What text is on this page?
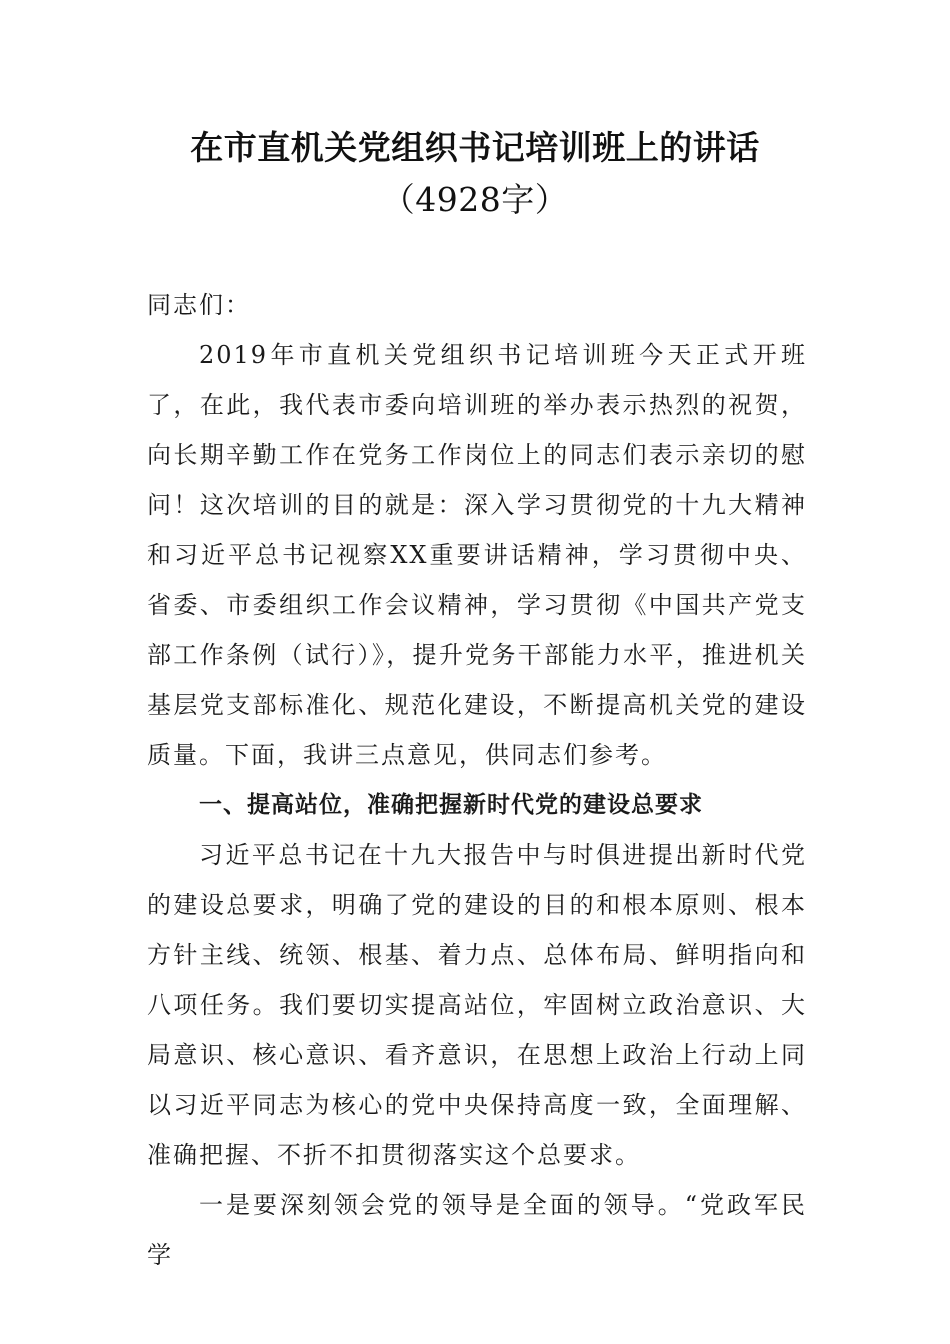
在市直机关党组织书记培训班上的讲话
（4928字）

同志们：

2019年市直机关党组织书记培训班今天正式开班了，在此，我代表市委向培训班的举办表示热烈的祝贺，向长期辛勤工作在党务工作岗位上的同志们表示亲切的慰问！这次培训的目的就是：深入学习贯彻党的十九大精神和习近平总书记视察XX重要讲话精神，学习贯彻中央、省委、市委组织工作会议精神，学习贯彻《中国共产党支部工作条例（试行）》，提升党务干部能力水平，推进机关基层党支部标准化、规范化建设，不断提高机关党的建设质量。下面，我讲三点意见，供同志们参考。

一、提高站位，准确把握新时代党的建设总要求

习近平总书记在十九大报告中与时俱进提出新时代党的建设总要求，明确了党的建设的目的和根本原则、根本方针主线、统领、根基、着力点、总体布局、鲜明指向和八项任务。我们要切实提高站位，牢固树立政治意识、大局意识、核心意识、看齐意识，在思想上政治上行动上同以习近平同志为核心的党中央保持高度一致，全面理解、准确把握、不折不扣贯彻落实这个总要求。

一是要深刻领会党的领导是全面的领导。“党政军民学
